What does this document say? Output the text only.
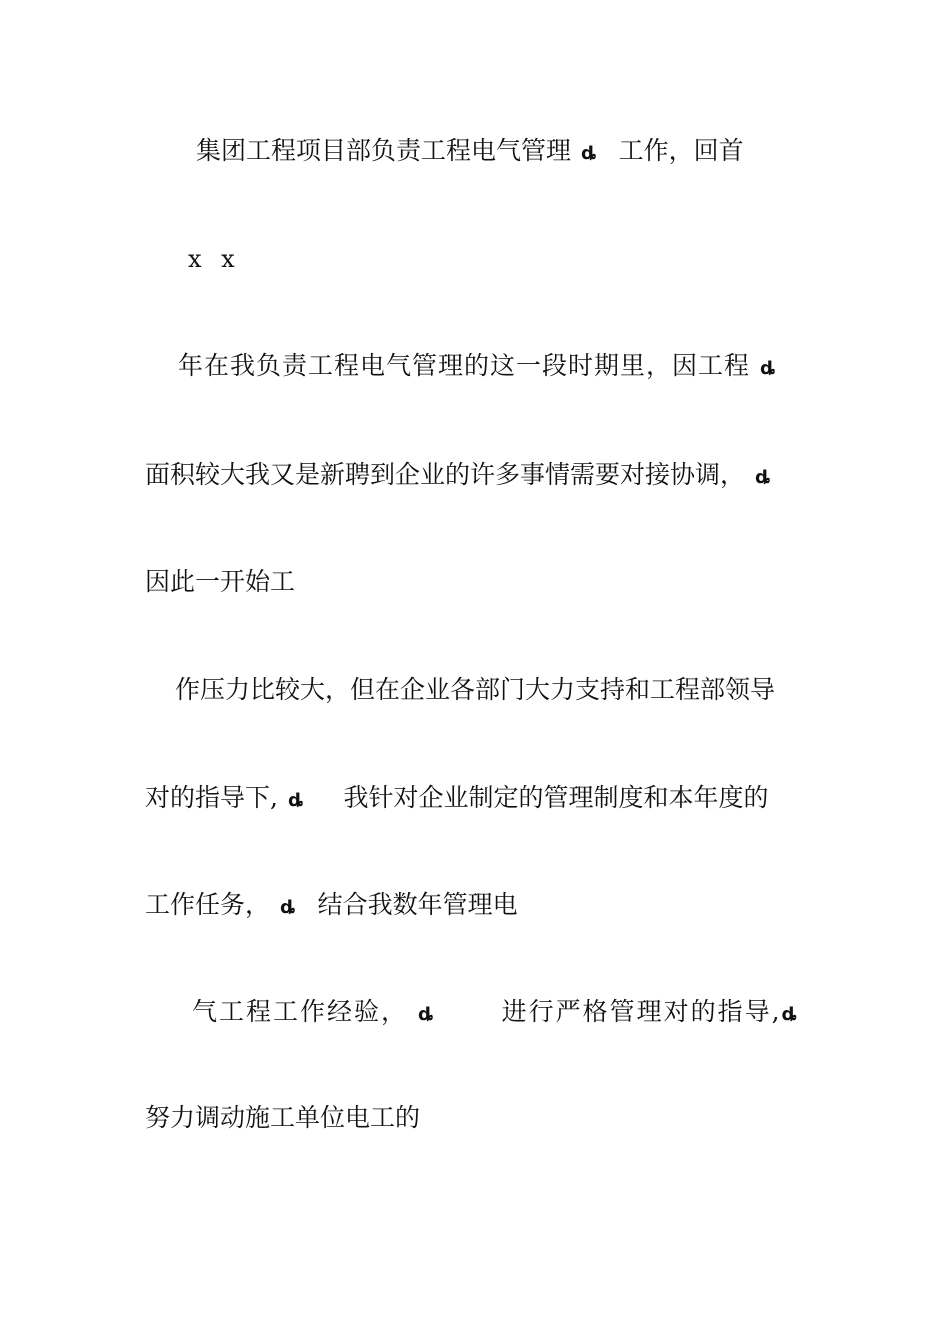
集团工程项目部负责工程电气管理 ȡ 工作，回首
x x
年在我负责工程电气管理的这一段时期里，因工程 ȡ
面积较大我又是新聘到企业的许多事情需要对接协调， ȡ
因此一开始工
作压力比较大，但在企业各部门大力支持和工程部领导
对的指导下, ȡ 我针对企业制定的管理制度和本年度的
工作任务， ȡ 结合我数年管理电
气工程工作经验， ȡ	进行严格管理对的指导,ȡ
努力调动施工单位电工的
